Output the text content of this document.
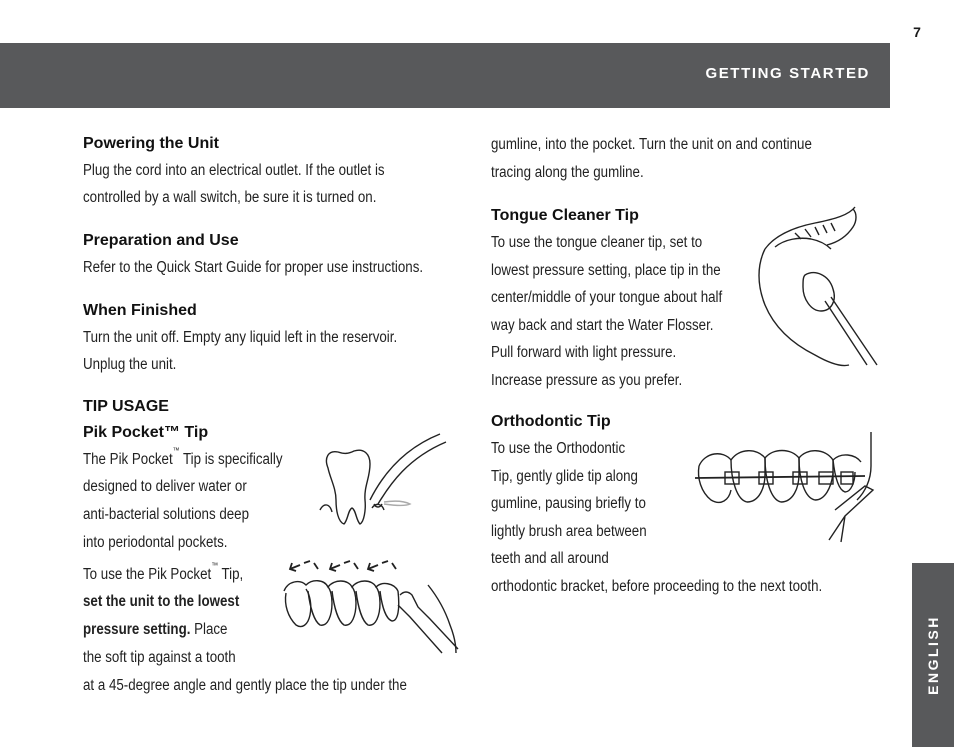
7
GETTING STARTED
ENGLISH
Powering the Unit
Plug the cord into an electrical outlet. If the outlet is
controlled by a wall switch, be sure it is turned on.
Preparation and Use
Refer to the Quick Start Guide for proper use instructions.
When Finished
Turn the unit off. Empty any liquid left in the reservoir.
Unplug the unit.
TIP USAGE
Pik Pocket™ Tip
The Pik Pocket™ Tip is specifically
designed to deliver water or
anti-bacterial solutions deep
into periodontal pockets.
To use the Pik Pocket™ Tip,
set the unit to the lowest
pressure setting. Place
the soft tip against a tooth
at a 45-degree angle and gently place the tip under the
gumline, into the pocket. Turn the unit on and continue
tracing along the gumline.
Tongue Cleaner Tip
To use the tongue cleaner tip, set to
lowest pressure setting, place tip in the
center/middle of your tongue about half
way back and start the Water Flosser.
Pull forward with light pressure.
Increase pressure as you prefer.
Orthodontic Tip
To use the Orthodontic
Tip, gently glide tip along
gumline, pausing briefly to
lightly brush area between
teeth and all around
orthodontic bracket, before proceeding to the next tooth.
